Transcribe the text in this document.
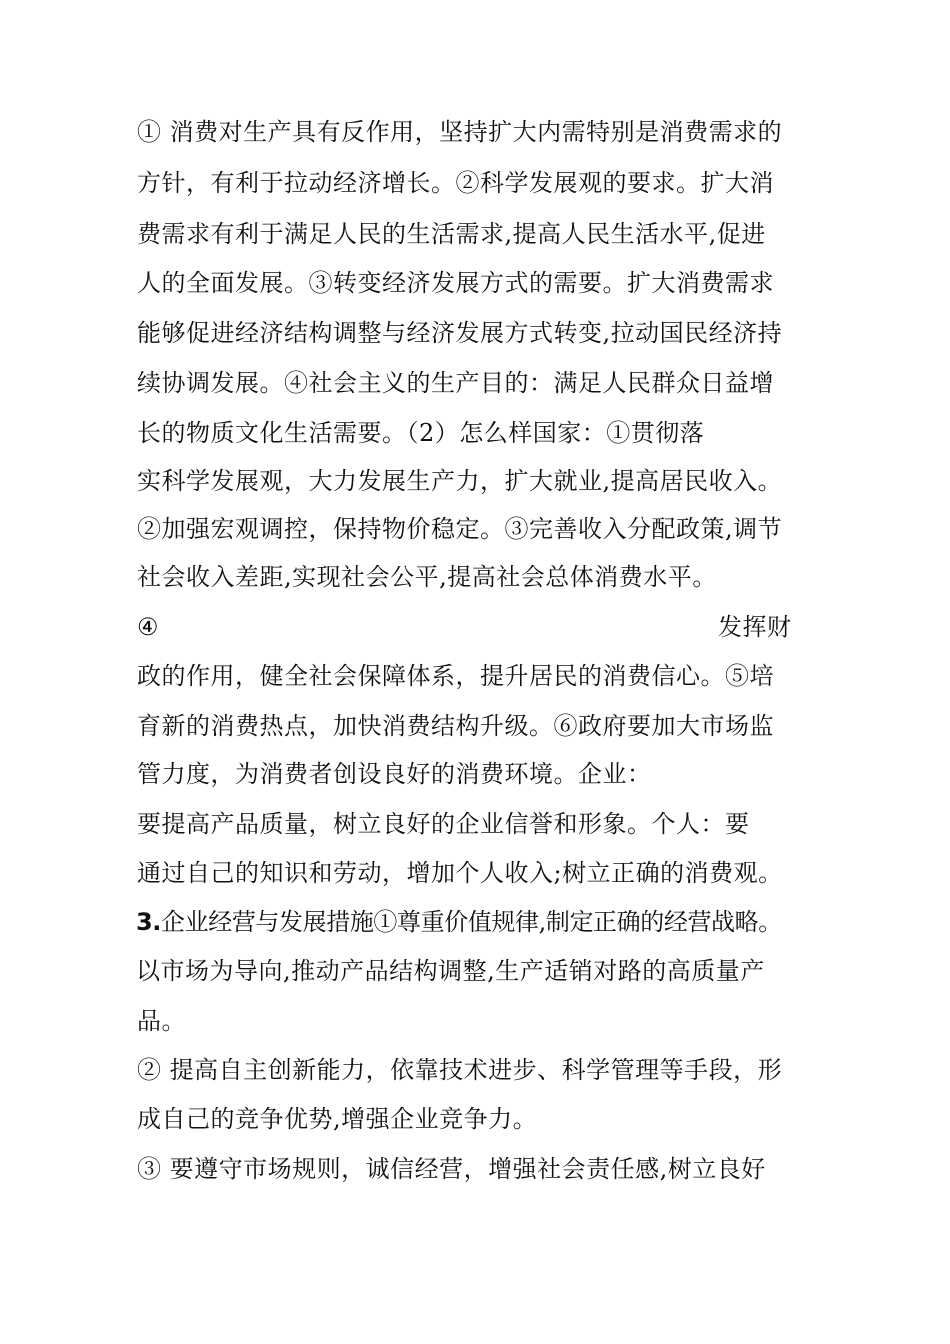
① 消费对生产具有反作用，坚持扩大内需特别是消费需求的
方针，有利于拉动经济增长。②科学发展观的要求。扩大消
费需求有利于满足人民的生活需求,提高人民生活水平,促进
人的全面发展。③转变经济发展方式的需要。扩大消费需求
能够促进经济结构调整与经济发展方式转变,拉动国民经济持
续协调发展。④社会主义的生产目的：满足人民群众日益增
长的物质文化生活需要。（2）怎么样国家：①贯彻落
实科学发展观，大力发展生产力，扩大就业,提高居民收入。
②加强宏观调控，保持物价稳定。③完善收入分配政策,调节
社会收入差距,实现社会公平,提高社会总体消费水平。
④	发挥财
政的作用，健全社会保障体系，提升居民的消费信心。⑤培
育新的消费热点，加快消费结构升级。⑥政府要加大市场监
管力度，为消费者创设良好的消费环境。企业：
要提高产品质量，树立良好的企业信誉和形象。个人：要
通过自己的知识和劳动，增加个人收入;树立正确的消费观。
3.企业经营与发展措施①尊重价值规律,制定正确的经营战略。
以市场为导向,推动产品结构调整,生产适销对路的高质量产
品。
② 提高自主创新能力，依靠技术进步、科学管理等手段，形
成自己的竞争优势,增强企业竞争力。
③ 要遵守市场规则，诚信经营，增强社会责任感,树立良好
